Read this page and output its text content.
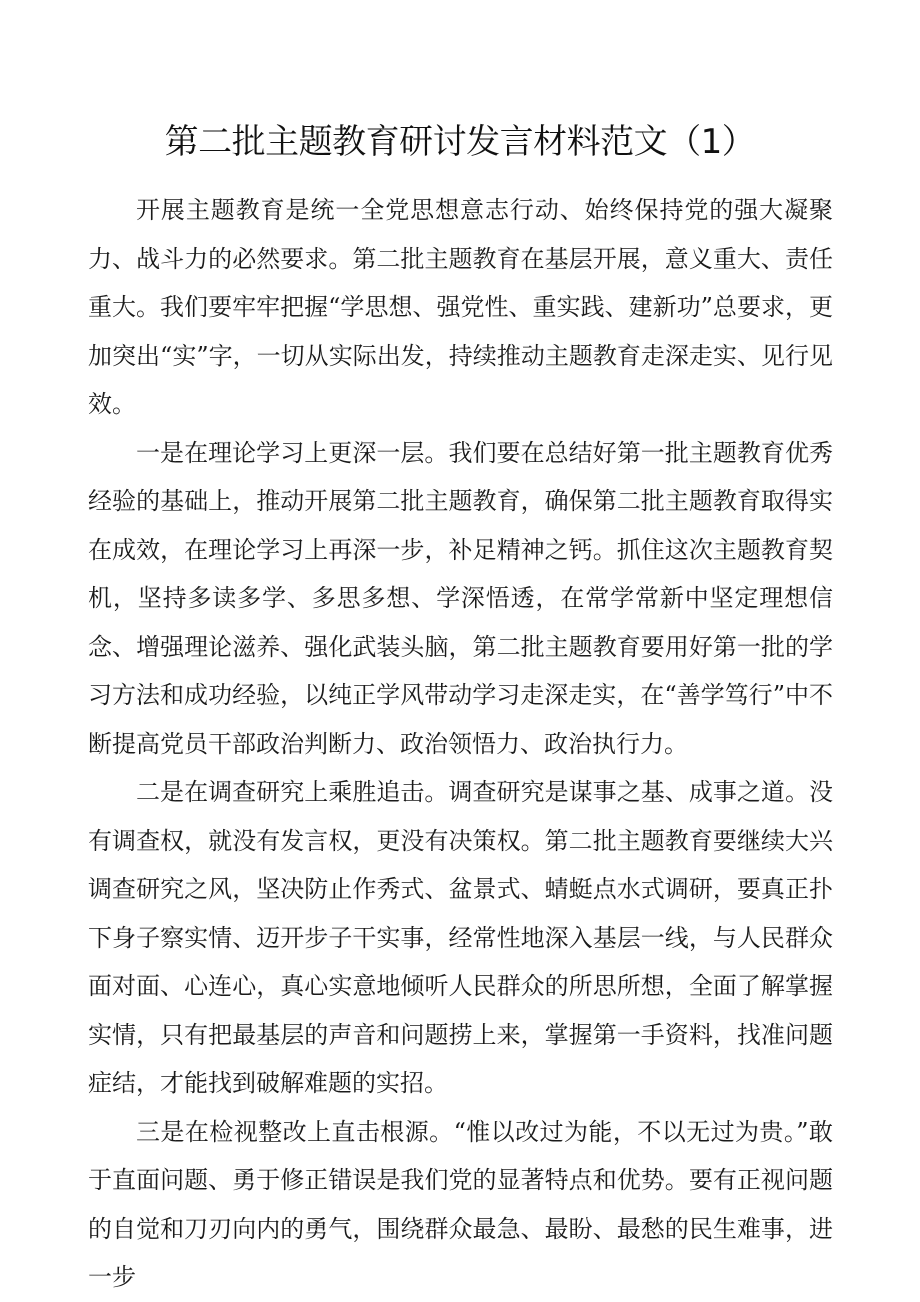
第二批主题教育研讨发言材料范文（1）

开展主题教育是统一全党思想意志行动、始终保持党的强大凝聚力、战斗力的必然要求。第二批主题教育在基层开展，意义重大、责任重大。我们要牢牢把握“学思想、强党性、重实践、建新功”总要求，更加突出“实”字，一切从实际出发，持续推动主题教育走深走实、见行见效。

一是在理论学习上更深一层。我们要在总结好第一批主题教育优秀经验的基础上，推动开展第二批主题教育，确保第二批主题教育取得实在成效，在理论学习上再深一步，补足精神之钙。抓住这次主题教育契机，坚持多读多学、多思多想、学深悟透，在常学常新中坚定理想信念、增强理论滋养、强化武装头脑，第二批主题教育要用好第一批的学习方法和成功经验，以纯正学风带动学习走深走实，在“善学笃行”中不断提高党员干部政治判断力、政治领悟力、政治执行力。

二是在调查研究上乘胜追击。调查研究是谋事之基、成事之道。没有调查权，就没有发言权，更没有决策权。第二批主题教育要继续大兴调查研究之风，坚决防止作秀式、盆景式、蜻蜓点水式调研，要真正扑下身子察实情、迈开步子干实事，经常性地深入基层一线，与人民群众面对面、心连心，真心实意地倾听人民群众的所思所想，全面了解掌握实情，只有把最基层的声音和问题捞上来，掌握第一手资料，找准问题症结，才能找到破解难题的实招。

三是在检视整改上直击根源。“惟以改过为能，不以无过为贵。”敢于直面问题、勇于修正错误是我们党的显著特点和优势。要有正视问题的自觉和刀刃向内的勇气，围绕群众最急、最盼、最愁的民生难事，进一步
